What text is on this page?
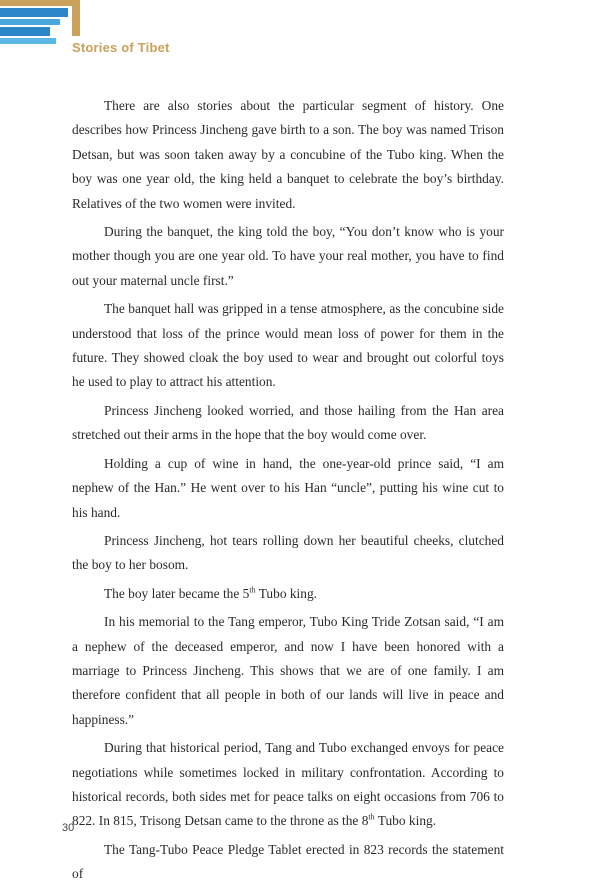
Stories of Tibet

There are also stories about the particular segment of history. One describes how Princess Jincheng gave birth to a son. The boy was named Trison Detsan, but was soon taken away by a concubine of the Tubo king. When the boy was one year old, the king held a banquet to celebrate the boy’s birthday. Relatives of the two women were invited.

During the banquet, the king told the boy, “You don’t know who is your mother though you are one year old. To have your real mother, you have to find out your maternal uncle first.”

The banquet hall was gripped in a tense atmosphere, as the concubine side understood that loss of the prince would mean loss of power for them in the future. They showed cloak the boy used to wear and brought out colorful toys he used to play to attract his attention.

Princess Jincheng looked worried, and those hailing from the Han area stretched out their arms in the hope that the boy would come over.

Holding a cup of wine in hand, the one-year-old prince said, “I am nephew of the Han.” He went over to his Han “uncle”, putting his wine cut to his hand.

Princess Jincheng, hot tears rolling down her beautiful cheeks, clutched the boy to her bosom.

The boy later became the 5th Tubo king.

In his memorial to the Tang emperor, Tubo King Tride Zotsan said, “I am a nephew of the deceased emperor, and now I have been honored with a marriage to Princess Jincheng. This shows that we are of one family. I am therefore confident that all people in both of our lands will live in peace and happiness.”

During that historical period, Tang and Tubo exchanged envoys for peace negotiations while sometimes locked in military confrontation. According to historical records, both sides met for peace talks on eight occasions from 706 to 822. In 815, Trisong Detsan came to the throne as the 8th Tubo king.

The Tang-Tubo Peace Pledge Tablet erected in 823 records the statement of

30
